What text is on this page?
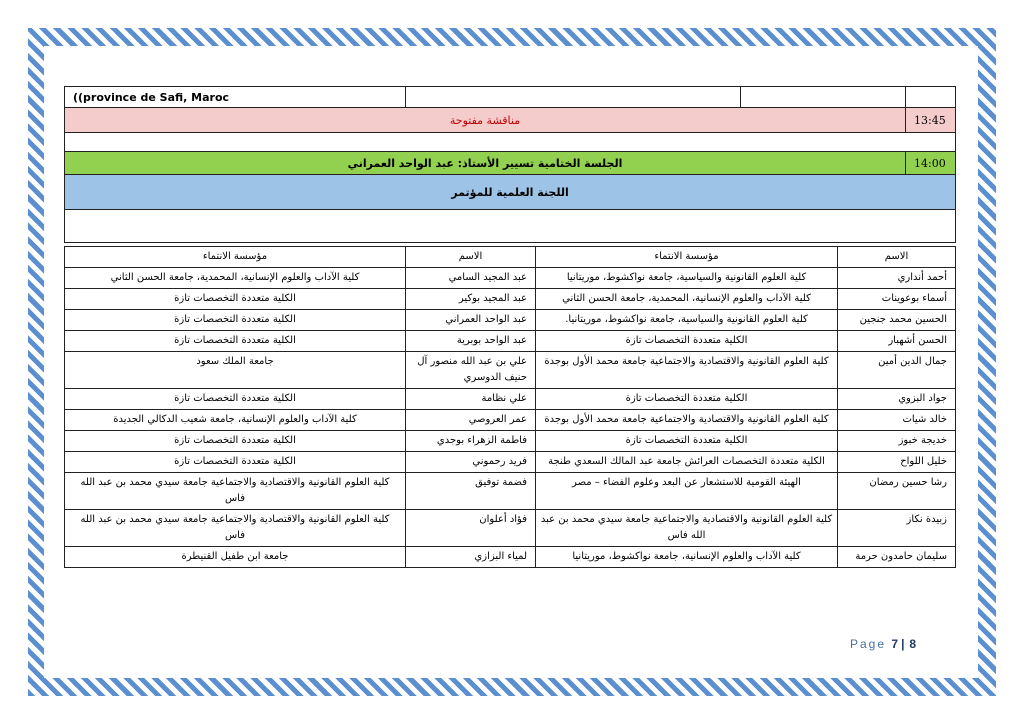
((province de Safi, Maroc			
مناقشة مفتوحة			13:45

الجلسة الختامية تسيير الأستاذ: عبد الواحد العمراني			14:00
اللجنة العلمية للمؤتمر			

الاسم	مؤسسة الانتماء	الاسم	مؤسسة الانتماء
أحمد أنداري	كلية العلوم القانونية والسياسية، جامعة نواكشوط، موريتانيا	عبد المجيد السامي	كلية الآداب والعلوم الإنسانية، المحمدية، جامعة الحسن الثاني
أسماء بوعوينات	كلية الآداب والعلوم الإنسانية، المحمدية، جامعة الحسن الثاني	عبد المجيد بوكير	الكلية متعددة التخصصات تازة
الحسين محمد جنجين	كلية العلوم القانونية والسياسية، جامعة نواكشوط، موريتانيا.	عبد الواحد العمراني	الكلية متعددة التخصصات تازة
الحسن أشهبار	الكلية متعددة التخصصات تازة	عبد الواحد بوبرية	الكلية متعددة التخصصات تازة
جمال الدين أمين	كلية العلوم القانونية والاقتصادية والاجتماعية جامعة محمد الأول بوجدة	علي بن عبد الله منصور آل حنيف الدوسري	جامعة الملك سعود
جواد البزوي	الكلية متعددة التخصصات تازة	علي نظامة	الكلية متعددة التخصصات تازة
خالد شيات	كلية العلوم القانونية والاقتصادية والاجتماعية جامعة محمد الأول بوجدة	عمر العروصي	كلية الآداب والعلوم الإنسانية، جامعة شعيب الدكالي الجديدة
خديجة خبوز	الكلية متعددة التخصصات تازة	فاطمة الزهراء بوجدي	الكلية متعددة التخصصات تازة
خليل اللواح	الكلية متعددة التخصصات العرائش جامعة عبد المالك السعدي طنجة	فريد رحموني	الكلية متعددة التخصصات تازة
رشا حسين رمضان	الهيئة القومية للاستشعار عن البعد وعلوم الفضاء – مصر	فضمة توفيق	كلية العلوم القانونية والاقتصادية والاجتماعية جامعة سيدي محمد بن عبد الله فاس
زبيدة نكاز	كلية العلوم القانونية والاقتصادية والاجتماعية جامعة سيدي محمد بن عبد الله فاس	فؤاد أعلوان	كلية العلوم القانونية والاقتصادية والاجتماعية جامعة سيدي محمد بن عبد الله فاس
سليمان حامدون حرمة	كلية الآداب والعلوم الإنسانية، جامعة نواكشوط، موريتانيا	لمياء البزازي	جامعة ابن طفيل القنيطرة
Page 7 | 8
